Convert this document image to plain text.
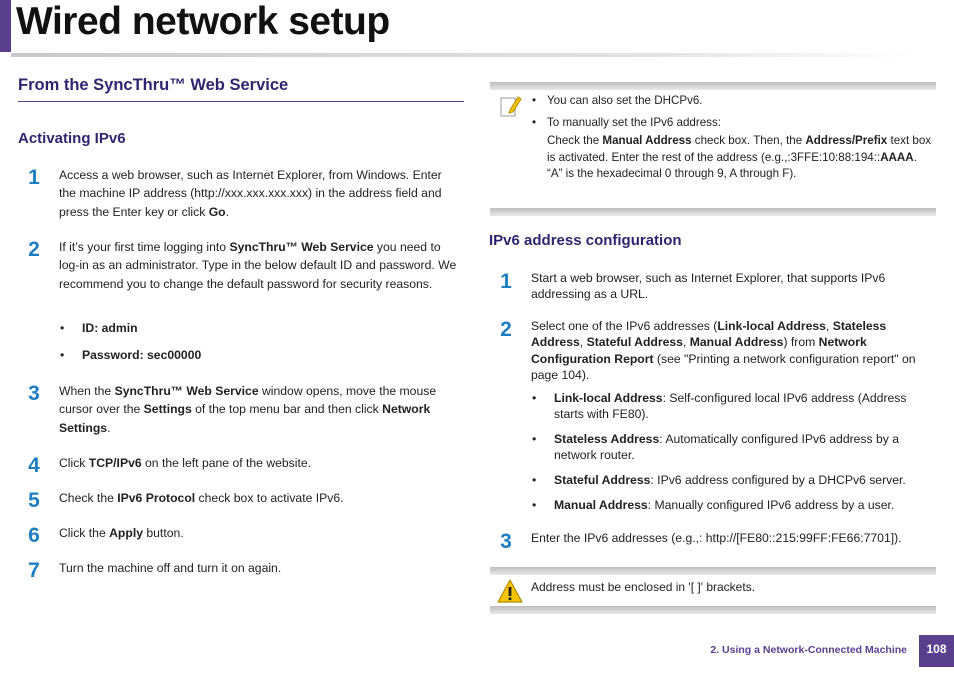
Wired network setup
From the SyncThru™ Web Service
Activating IPv6
1	Access a web browser, such as Internet Explorer, from Windows. Enter the machine IP address (http://xxx.xxx.xxx.xxx) in the address field and press the Enter key or click Go.
2	If it’s your first time logging into SyncThru™ Web Service you need to log-in as an administrator. Type in the below default ID and password. We recommend you to change the default password for security reasons.
• ID: admin
• Password: sec00000
3	When the SyncThru™ Web Service window opens, move the mouse cursor over the Settings of the top menu bar and then click Network Settings.
4	Click TCP/IPv6 on the left pane of the website.
5	Check the IPv6 Protocol check box to activate IPv6.
6	Click the Apply button.
7	Turn the machine off and turn it on again.
• You can also set the DHCPv6.
• To manually set the IPv6 address:
Check the Manual Address check box. Then, the Address/Prefix text box is activated. Enter the rest of the address (e.g.,:3FFE:10:88:194::AAAA. “A” is the hexadecimal 0 through 9, A through F).
IPv6 address configuration
1	Start a web browser, such as Internet Explorer, that supports IPv6 addressing as a URL.
2	Select one of the IPv6 addresses (Link-local Address, Stateless Address, Stateful Address, Manual Address) from Network Configuration Report (see "Printing a network configuration report" on page 104).
• Link-local Address: Self-configured local IPv6 address (Address starts with FE80).
• Stateless Address: Automatically configured IPv6 address by a network router.
• Stateful Address: IPv6 address configured by a DHCPv6 server.
• Manual Address: Manually configured IPv6 address by a user.
3	Enter the IPv6 addresses (e.g.,: http://[FE80::215:99FF:FE66:7701]).
Address must be enclosed in '[ ]' brackets.
2. Using a Network-Connected Machine	108
